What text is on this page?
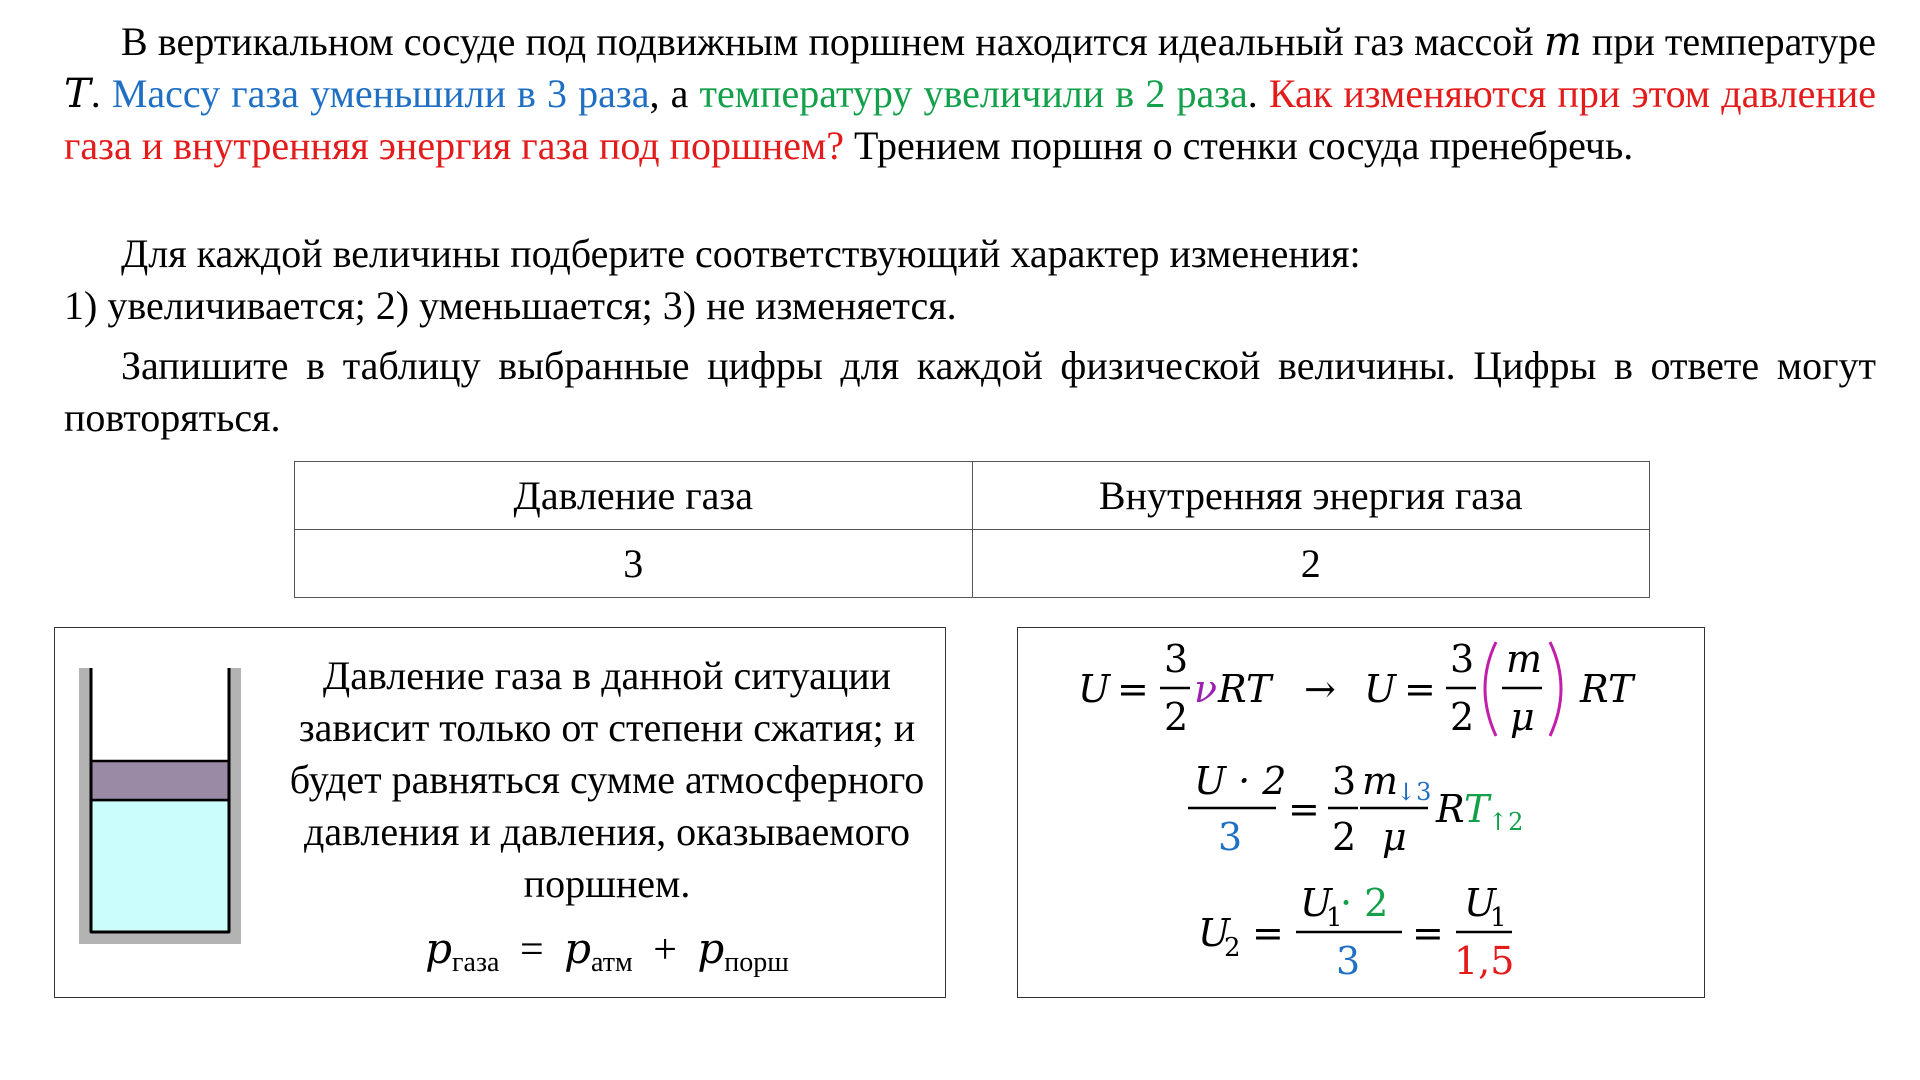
В вертикальном сосуде под подвижным поршнем находится идеальный газ массой m при температуре T. Массу газа уменьшили в 3 раза, а температуру увеличили в 2 раза. Как изменяются при этом давление газа и внутренняя энергия газа под поршнем? Трением поршня о стенки сосуда пренебречь.

Для каждой величины подберите соответствующий характер изменения:

1) увеличивается; 2) уменьшается; 3) не изменяется.

Запишите в таблицу выбранные цифры для каждой физической величины. Цифры в ответе могут повторяться.

Давление газа	Внутренняя энергия газа
3	2
Давление газа в данной ситуации зависит только от степени сжатия; и будет равняться сумме атмосферного давления и давления, оказываемого поршнем.
$p_{газа} = p_{атм} + p_{порш}$
U =
3
2
ν RT → U =
3
2
m
μ
RT
U · 2
3
=
3
2
m
↓3
μ
R T
↑2
U
2 =
U
1
· 2
3
=
U
1
1,5
